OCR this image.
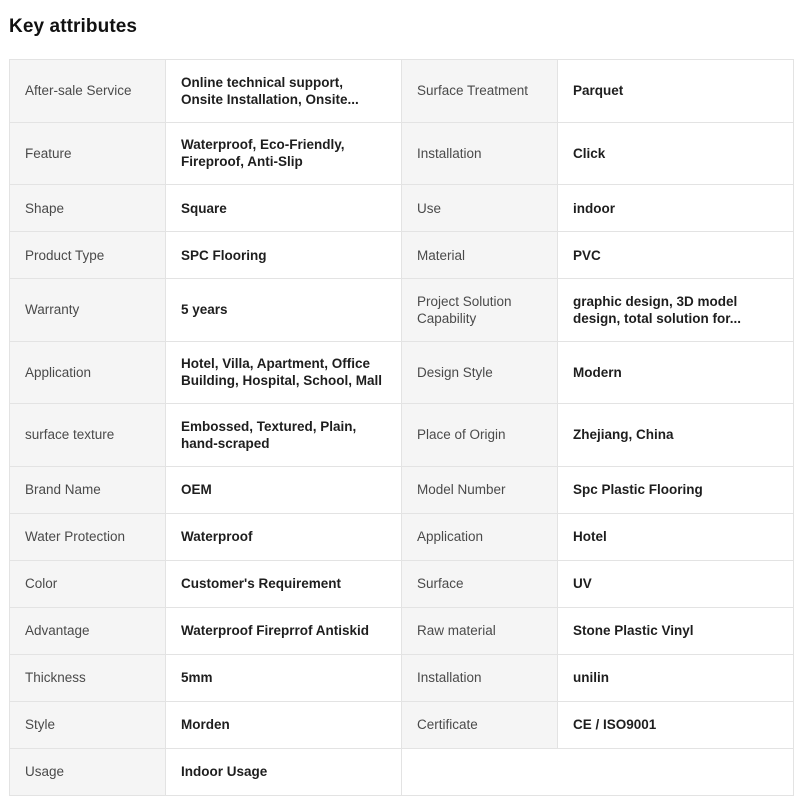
Key attributes
After-sale Service	Online technical support, Onsite Installation, Onsite...	Surface Treatment	Parquet
Feature	Waterproof, Eco-Friendly, Fireproof, Anti-Slip	Installation	Click
Shape	Square	Use	indoor
Product Type	SPC Flooring	Material	PVC
Warranty	5 years	Project Solution Capability	graphic design, 3D model design, total solution for...

Application	Hotel, Villa, Apartment, Office Building, Hospital, School, Mall	Design Style	Modern
surface texture	Embossed, Textured, Plain, hand-scraped	Place of Origin	Zhejiang, China
Brand Name	OEM	Model Number	Spc Plastic Flooring
Water Protection	Waterproof	Application	Hotel
Color	Customer's Requirement	Surface	UV
Advantage	Waterproof Fireprrof Antiskid	Raw material	Stone Plastic Vinyl
Thickness	5mm	Installation	unilin
Style	Morden	Certificate	CE / ISO9001
Usage	Indoor Usage		
